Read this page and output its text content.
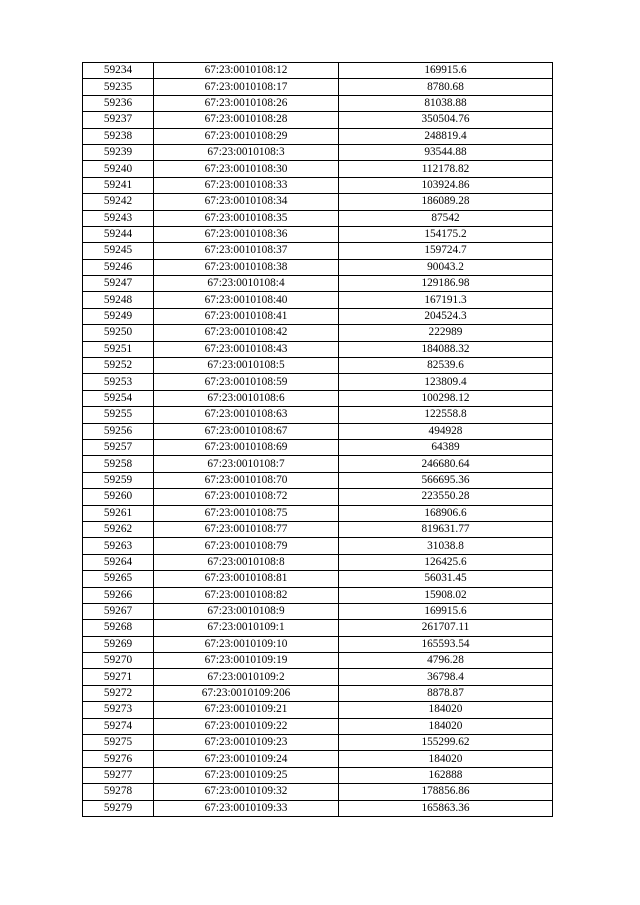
59234	67:23:0010108:12	169915.6
59235	67:23:0010108:17	8780.68
59236	67:23:0010108:26	81038.88
59237	67:23:0010108:28	350504.76
59238	67:23:0010108:29	248819.4
59239	67:23:0010108:3	93544.88
59240	67:23:0010108:30	112178.82
59241	67:23:0010108:33	103924.86
59242	67:23:0010108:34	186089.28
59243	67:23:0010108:35	87542
59244	67:23:0010108:36	154175.2
59245	67:23:0010108:37	159724.7
59246	67:23:0010108:38	90043.2
59247	67:23:0010108:4	129186.98
59248	67:23:0010108:40	167191.3
59249	67:23:0010108:41	204524.3
59250	67:23:0010108:42	222989
59251	67:23:0010108:43	184088.32
59252	67:23:0010108:5	82539.6
59253	67:23:0010108:59	123809.4
59254	67:23:0010108:6	100298.12
59255	67:23:0010108:63	122558.8
59256	67:23:0010108:67	494928
59257	67:23:0010108:69	64389
59258	67:23:0010108:7	246680.64
59259	67:23:0010108:70	566695.36
59260	67:23:0010108:72	223550.28
59261	67:23:0010108:75	168906.6
59262	67:23:0010108:77	819631.77
59263	67:23:0010108:79	31038.8
59264	67:23:0010108:8	126425.6
59265	67:23:0010108:81	56031.45
59266	67:23:0010108:82	15908.02
59267	67:23:0010108:9	169915.6
59268	67:23:0010109:1	261707.11
59269	67:23:0010109:10	165593.54
59270	67:23:0010109:19	4796.28
59271	67:23:0010109:2	36798.4
59272	67:23:0010109:206	8878.87
59273	67:23:0010109:21	184020
59274	67:23:0010109:22	184020
59275	67:23:0010109:23	155299.62
59276	67:23:0010109:24	184020
59277	67:23:0010109:25	162888
59278	67:23:0010109:32	178856.86
59279	67:23:0010109:33	165863.36
